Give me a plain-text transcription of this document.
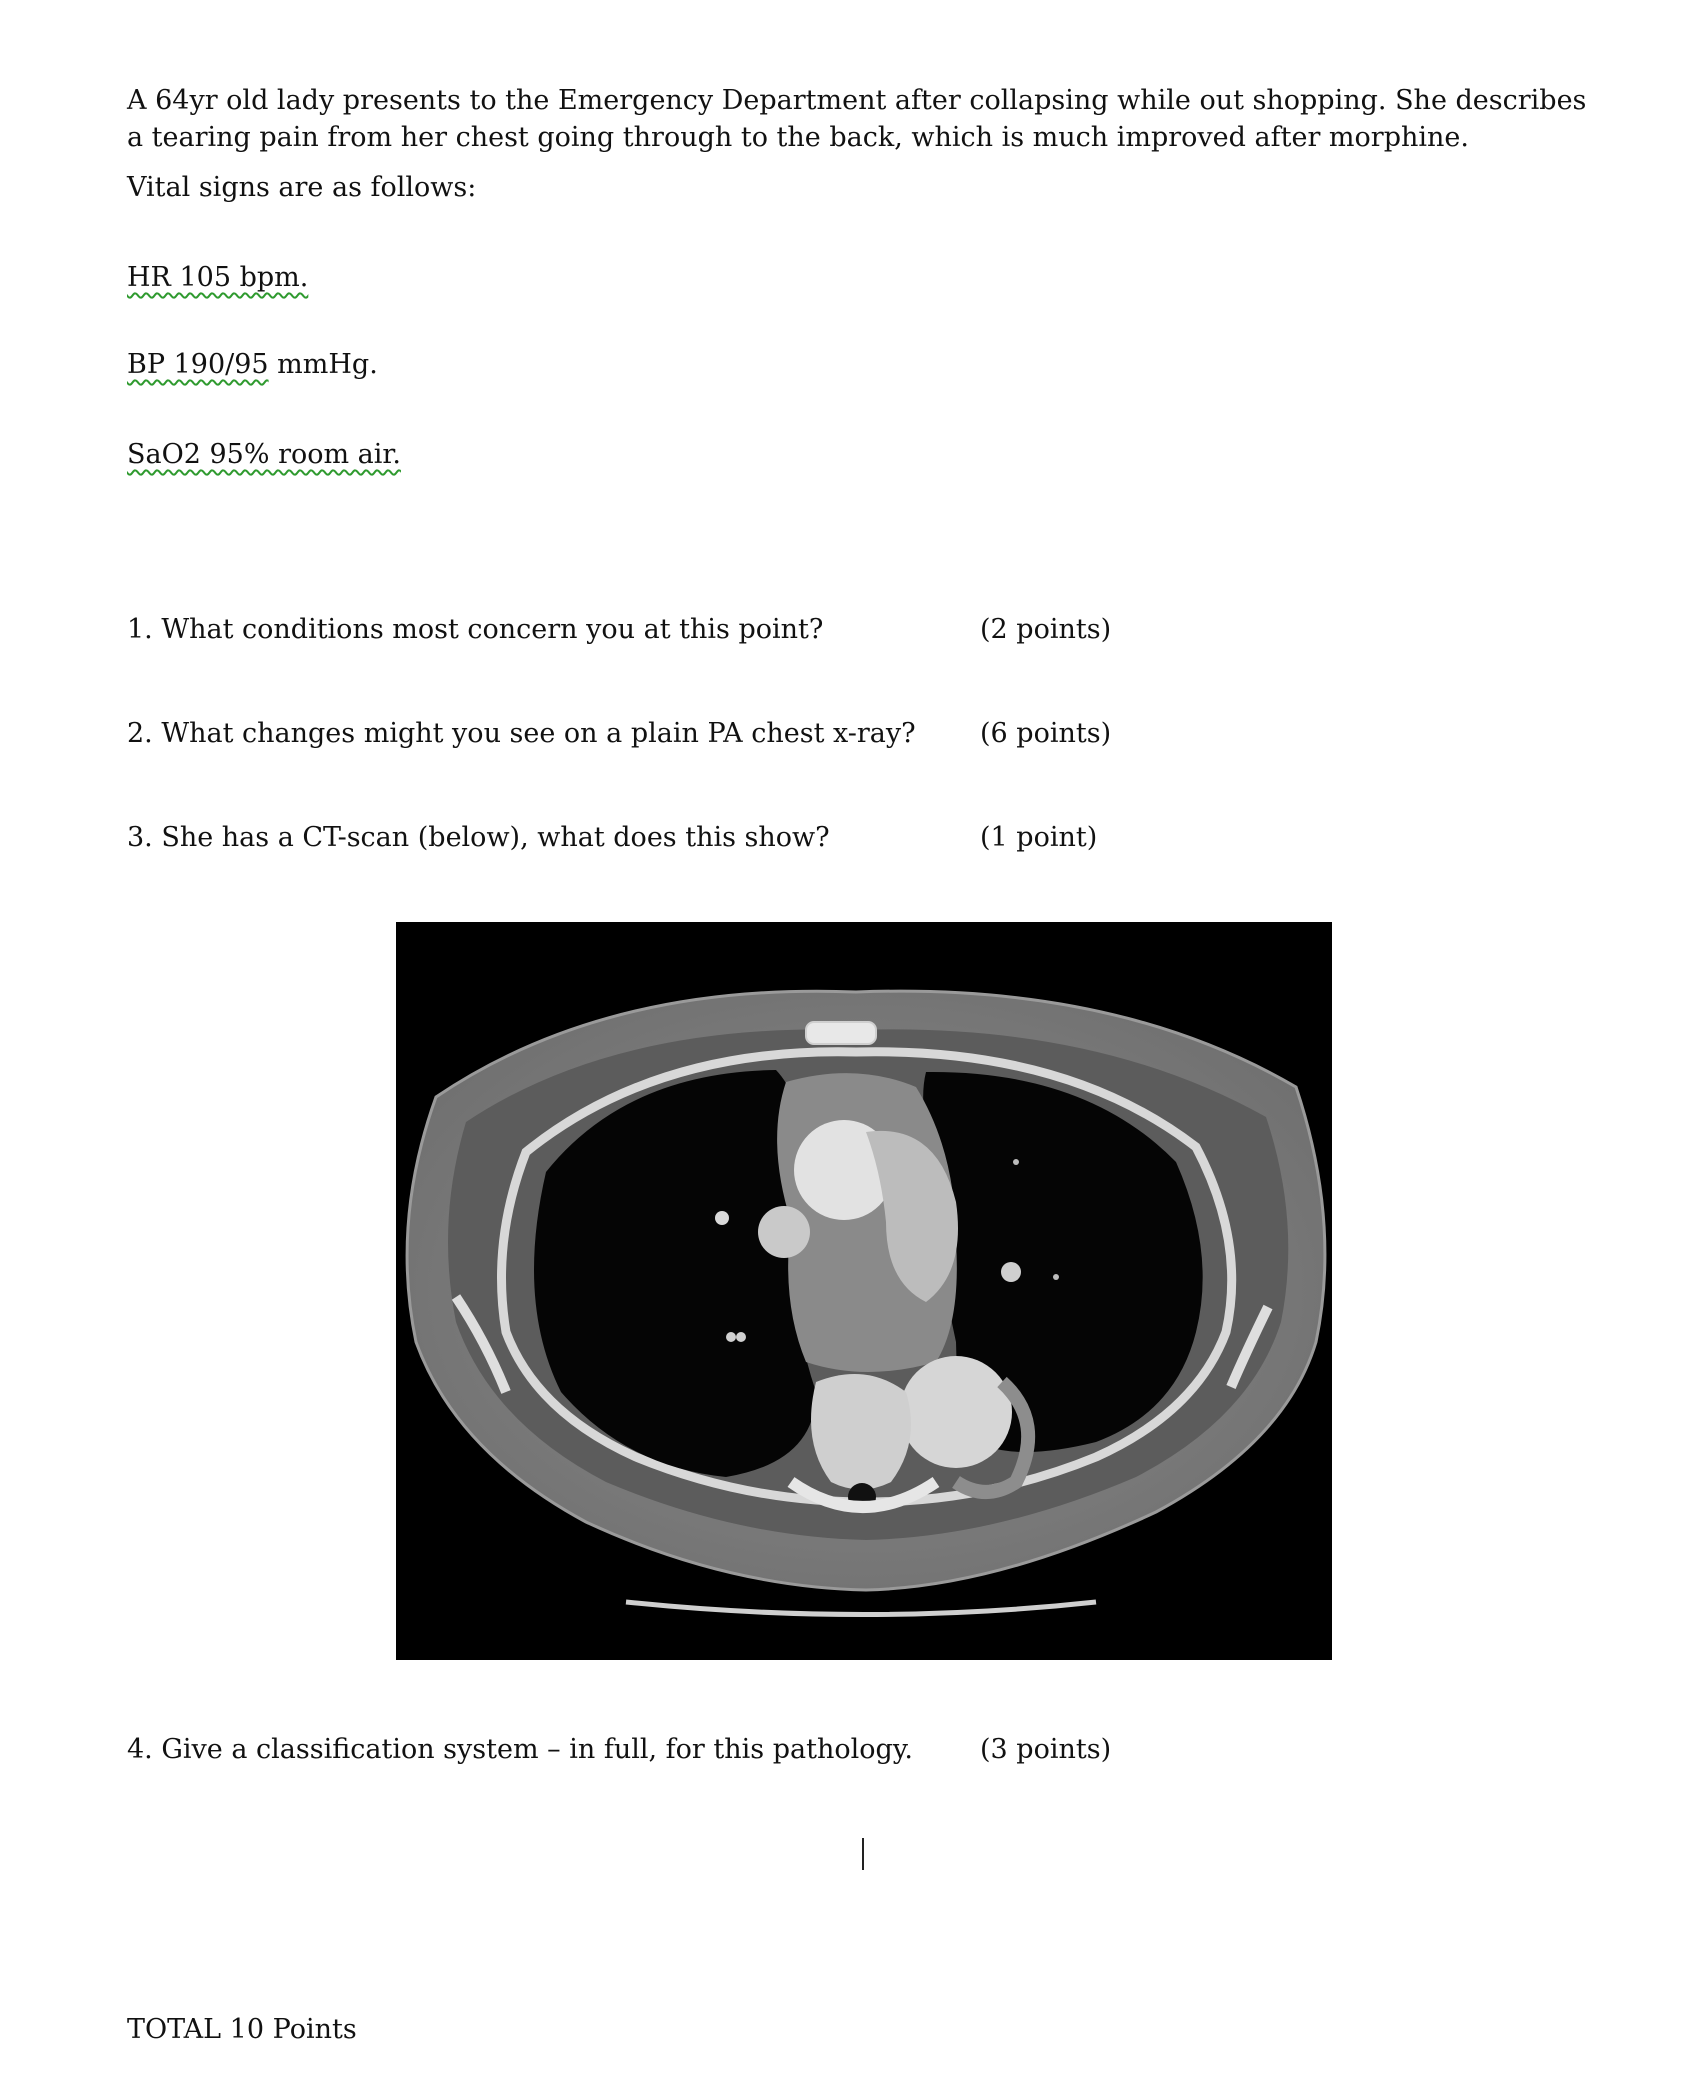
A 64yr old lady presents to the Emergency Department after collapsing while out shopping. She describes a tearing pain from her chest going through to the back, which is much improved after morphine.
Vital signs are as follows:
HR 105 bpm.
BP 190/95 mmHg.
SaO2 95% room air.
1. What conditions most concern you at this point?	(2 points)
2. What changes might you see on a plain PA chest x-ray? (6 points)
3. She has a CT-scan (below), what does this show?	(1 point)
4. Give a classification system – in full, for this pathology. (3 points)
TOTAL 10 Points
